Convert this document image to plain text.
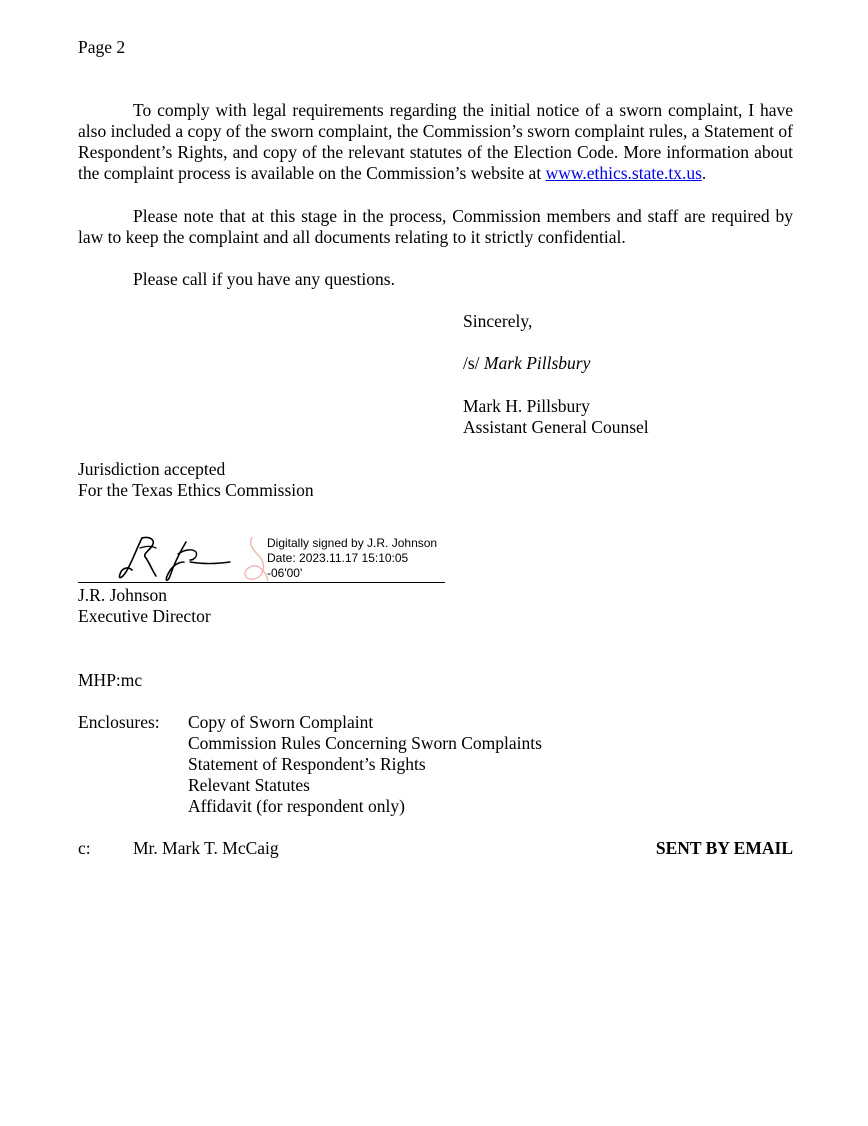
Page 2
To comply with legal requirements regarding the initial notice of a sworn complaint, I have also included a copy of the sworn complaint, the Commission’s sworn complaint rules, a Statement of Respondent’s Rights, and copy of the relevant statutes of the Election Code. More information about the complaint process is available on the Commission’s website at www.ethics.state.tx.us.
Please note that at this stage in the process, Commission members and staff are required by law to keep the complaint and all documents relating to it strictly confidential.
Please call if you have any questions.
Sincerely,
/s/ Mark Pillsbury
Mark H. Pillsbury
Assistant General Counsel
Jurisdiction accepted
For the Texas Ethics Commission
Digitally signed by J.R. Johnson
Date: 2023.11.17 15:10:05
-06'00'
J.R. Johnson
Executive Director
MHP:mc
Enclosures: Copy of Sworn Complaint
Commission Rules Concerning Sworn Complaints
Statement of Respondent’s Rights
Relevant Statutes
Affidavit (for respondent only)
c: Mr. Mark T. McCaig	SENT BY EMAIL
